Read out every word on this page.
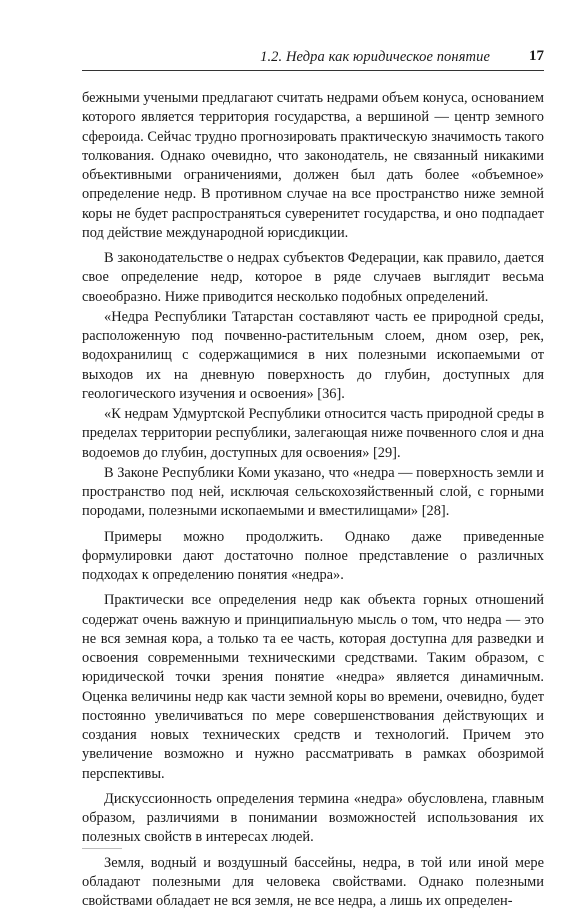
1.2. Недра как юридическое понятие	17

бежными учеными предлагают считать недрами объем конуса, основанием которого является территория государства, а вершиной — центр земного сфероида. Сейчас трудно прогнозировать практическую значимость такого толкования. Однако очевидно, что законодатель, не связанный никакими объективными ограничениями, должен был дать более «объемное» определение недр. В противном случае на все пространство ниже земной коры не будет распространяться суверенитет государства, и оно подпадает под действие международной юрисдикции.

В законодательстве о недрах субъектов Федерации, как правило, дается свое определение недр, которое в ряде случаев выглядит весьма своеобразно. Ниже приводится несколько подобных определений.

«Недра Республики Татарстан составляют часть ее природной среды, расположенную под почвенно-растительным слоем, дном озер, рек, водохранилищ с содержащимися в них полезными ископаемыми от выходов их на дневную поверхность до глубин, доступных для геологического изучения и освоения» [36].

«К недрам Удмуртской Республики относится часть природной среды в пределах территории республики, залегающая ниже почвенного слоя и дна водоемов до глубин, доступных для освоения» [29].

В Законе Республики Коми указано, что «недра — поверхность земли и пространство под ней, исключая сельскохозяйственный слой, с горными породами, полезными ископаемыми и вместилищами» [28].

Примеры можно продолжить. Однако даже приведенные формулировки дают достаточно полное представление о различных подходах к определению понятия «недра».

Практически все определения недр как объекта горных отношений содержат очень важную и принципиальную мысль о том, что недра — это не вся земная кора, а только та ее часть, которая доступна для разведки и освоения современными техническими средствами. Таким образом, с юридической точки зрения понятие «недра» является динамичным. Оценка величины недр как части земной коры во времени, очевидно, будет постоянно увеличиваться по мере совершенствования действующих и создания новых технических средств и технологий. Причем это увеличение возможно и нужно рассматривать в рамках обозримой перспективы.

Дискуссионность определения термина «недра» обусловлена, главным образом, различиями в понимании возможностей использования их полезных свойств в интересах людей.

Земля, водный и воздушный бассейны, недра, в той или иной мере обладают полезными для человека свойствами. Однако полезными свойствами обладает не вся земля, не все недра, а лишь их определен-
